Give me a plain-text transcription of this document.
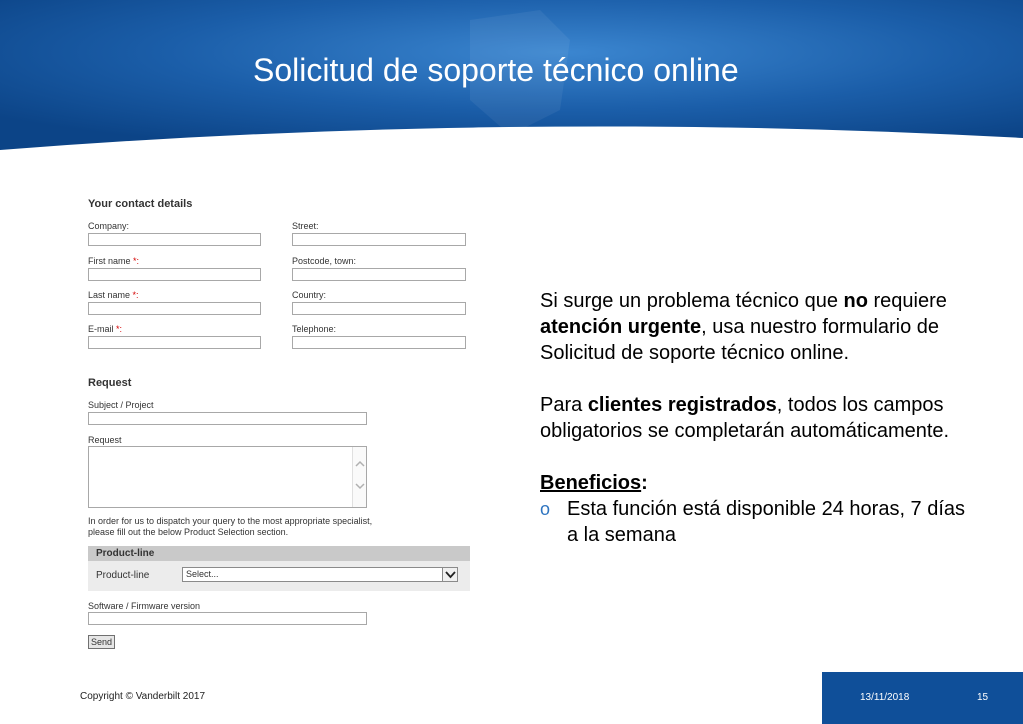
Solicitud de soporte técnico online
Your contact details
Company:	Street:
First name *:	Postcode, town:
Last name *:	Country:
E-mail *:	Telephone:
Request
Subject / Project
Request
In order for us to dispatch your query to the most appropriate specialist,
please fill out the below Product Selection section.
Product-line
Product-line	Select...
Software / Firmware version
Send

Si surge un problema técnico que no requiere atención urgente, usa nuestro formulario de Solicitud de soporte técnico online.

Para clientes registrados, todos los campos obligatorios se completarán automáticamente.

Beneficios:
o Esta función está disponible 24 horas, 7 días a la semana
Copyright © Vanderbilt 2017	13/11/2018	15
